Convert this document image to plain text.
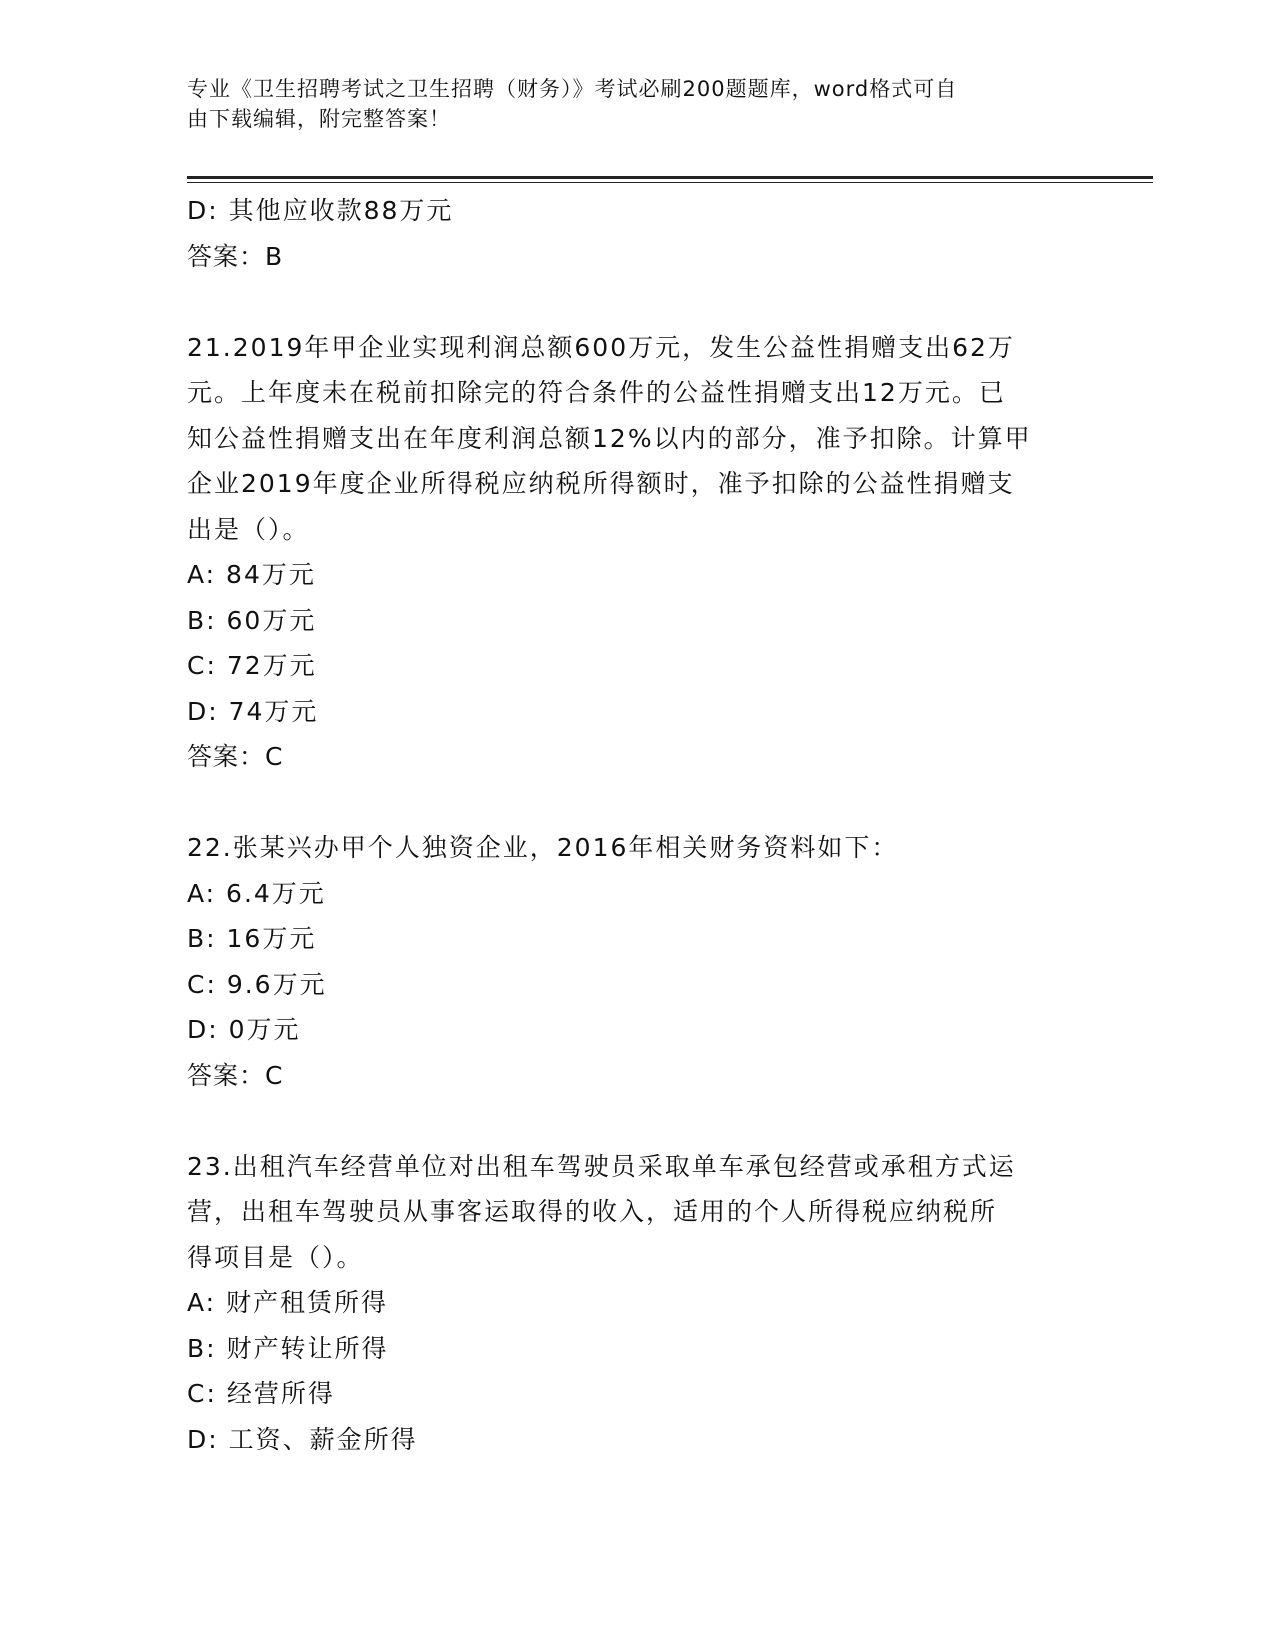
专业《卫生招聘考试之卫生招聘（财务）》考试必刷200题题库，word格式可自
由下载编辑，附完整答案！
D: 其他应收款88万元
答案：B
21.2019年甲企业实现利润总额600万元，发生公益性捐赠支出62万
元。上年度未在税前扣除完的符合条件的公益性捐赠支出12万元。已
知公益性捐赠支出在年度利润总额12%以内的部分，准予扣除。计算甲
企业2019年度企业所得税应纳税所得额时，准予扣除的公益性捐赠支
出是（）。
A: 84万元
B: 60万元
C: 72万元
D: 74万元
答案：C
22.张某兴办甲个人独资企业，2016年相关财务资料如下：
A: 6.4万元
B: 16万元
C: 9.6万元
D: 0万元
答案：C
23.出租汽车经营单位对出租车驾驶员采取单车承包经营或承租方式运
营，出租车驾驶员从事客运取得的收入，适用的个人所得税应纳税所
得项目是（）。
A: 财产租赁所得
B: 财产转让所得
C: 经营所得
D: 工资、薪金所得
